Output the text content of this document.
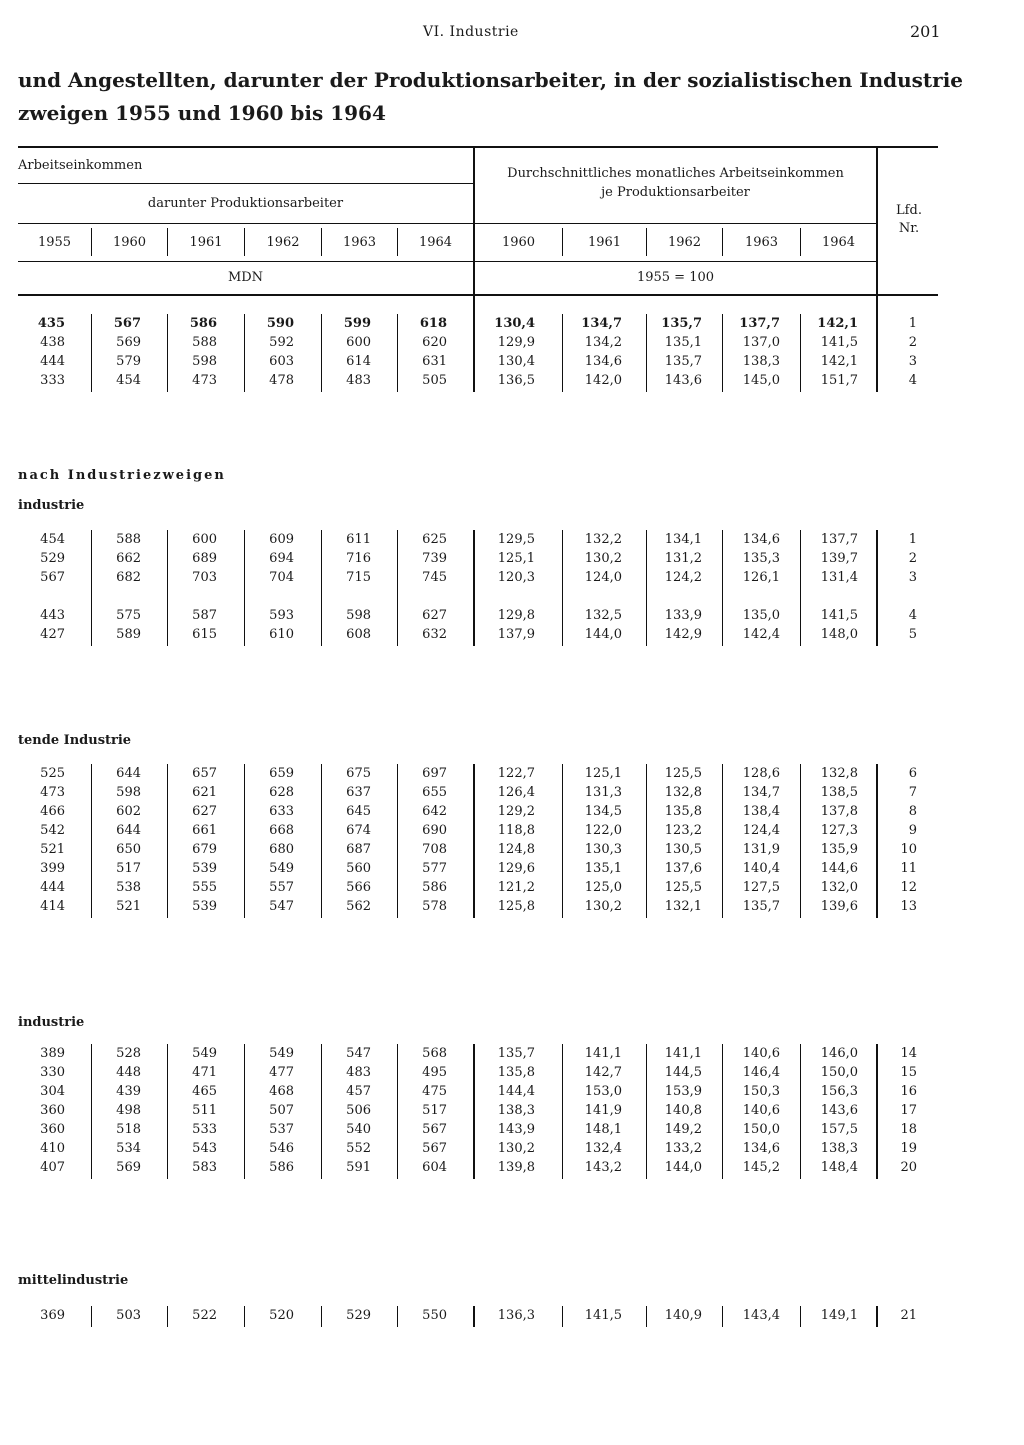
VI. Industrie	201
und Angestellten, darunter der Produktionsarbeiter, in der sozialistischen Industrie
zweigen 1955 und 1960 bis 1964
Arbeitseinkommen
darunter Produktionsarbeiter
Durchschnittliches monatliches Arbeitseinkommen
je Produktionsarbeiter
Lfd.
Nr.
1955	1960	1961	1962	1963	1964	1960	1961	1962	1963	1964
MDN	1955 = 100
435	567	586	590	599	618	130,4	134,7	135,7	137,7	142,1	1
438	569	588	592	600	620	129,9	134,2	135,1	137,0	141,5	2
444	579	598	603	614	631	130,4	134,6	135,7	138,3	142,1	3
333	454	473	478	483	505	136,5	142,0	143,6	145,0	151,7	4
nach Industriezweigen
industrie
454	588	600	609	611	625	129,5	132,2	134,1	134,6	137,7	1
529	662	689	694	716	739	125,1	130,2	131,2	135,3	139,7	2
567	682	703	704	715	745	120,3	124,0	124,2	126,1	131,4	3
443	575	587	593	598	627	129,8	132,5	133,9	135,0	141,5	4
427	589	615	610	608	632	137,9	144,0	142,9	142,4	148,0	5
tende Industrie
525	644	657	659	675	697	122,7	125,1	125,5	128,6	132,8	6
473	598	621	628	637	655	126,4	131,3	132,8	134,7	138,5	7
466	602	627	633	645	642	129,2	134,5	135,8	138,4	137,8	8
542	644	661	668	674	690	118,8	122,0	123,2	124,4	127,3	9
521	650	679	680	687	708	124,8	130,3	130,5	131,9	135,9	10
399	517	539	549	560	577	129,6	135,1	137,6	140,4	144,6	11
444	538	555	557	566	586	121,2	125,0	125,5	127,5	132,0	12
414	521	539	547	562	578	125,8	130,2	132,1	135,7	139,6	13
industrie
389	528	549	549	547	568	135,7	141,1	141,1	140,6	146,0	14
330	448	471	477	483	495	135,8	142,7	144,5	146,4	150,0	15
304	439	465	468	457	475	144,4	153,0	153,9	150,3	156,3	16
360	498	511	507	506	517	138,3	141,9	140,8	140,6	143,6	17
360	518	533	537	540	567	143,9	148,1	149,2	150,0	157,5	18
410	534	543	546	552	567	130,2	132,4	133,2	134,6	138,3	19
407	569	583	586	591	604	139,8	143,2	144,0	145,2	148,4	20
mittelindustrie
369	503	522	520	529	550	136,3	141,5	140,9	143,4	149,1	21
